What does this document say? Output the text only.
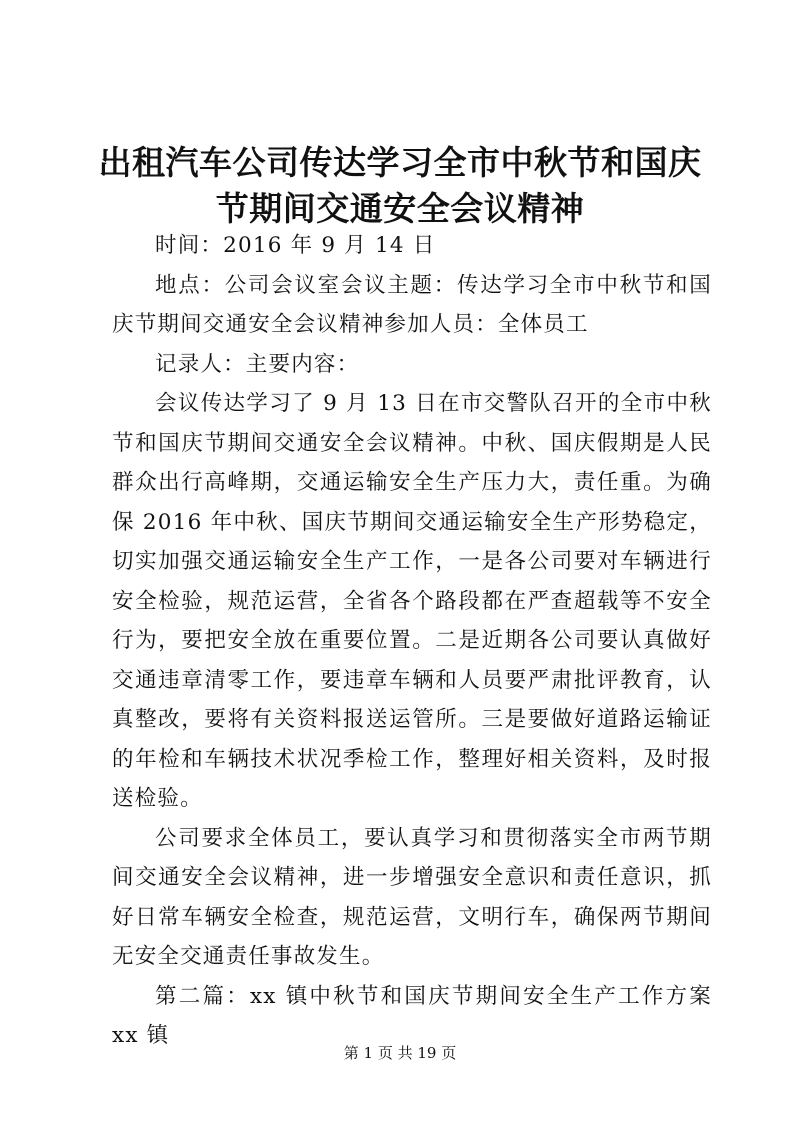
出租汽车公司传达学习全市中秋节和国庆节期间交通安全会议精神

时间：2016 年 9 月 14 日

地点：公司会议室会议主题：传达学习全市中秋节和国庆节期间交通安全会议精神参加人员：全体员工

记录人：主要内容：

会议传达学习了 9 月 13 日在市交警队召开的全市中秋节和国庆节期间交通安全会议精神。中秋、国庆假期是人民群众出行高峰期，交通运输安全生产压力大，责任重。为确保 2016 年中秋、国庆节期间交通运输安全生产形势稳定，切实加强交通运输安全生产工作，一是各公司要对车辆进行安全检验，规范运营，全省各个路段都在严查超载等不安全行为，要把安全放在重要位置。二是近期各公司要认真做好交通违章清零工作，要违章车辆和人员要严肃批评教育，认真整改，要将有关资料报送运管所。三是要做好道路运输证的年检和车辆技术状况季检工作，整理好相关资料，及时报送检验。

公司要求全体员工，要认真学习和贯彻落实全市两节期间交通安全会议精神，进一步增强安全意识和责任意识，抓好日常车辆安全检查，规范运营，文明行车，确保两节期间无安全交通责任事故发生。

第二篇：xx 镇中秋节和国庆节期间安全生产工作方案 xx 镇

第 1 页 共 19 页
